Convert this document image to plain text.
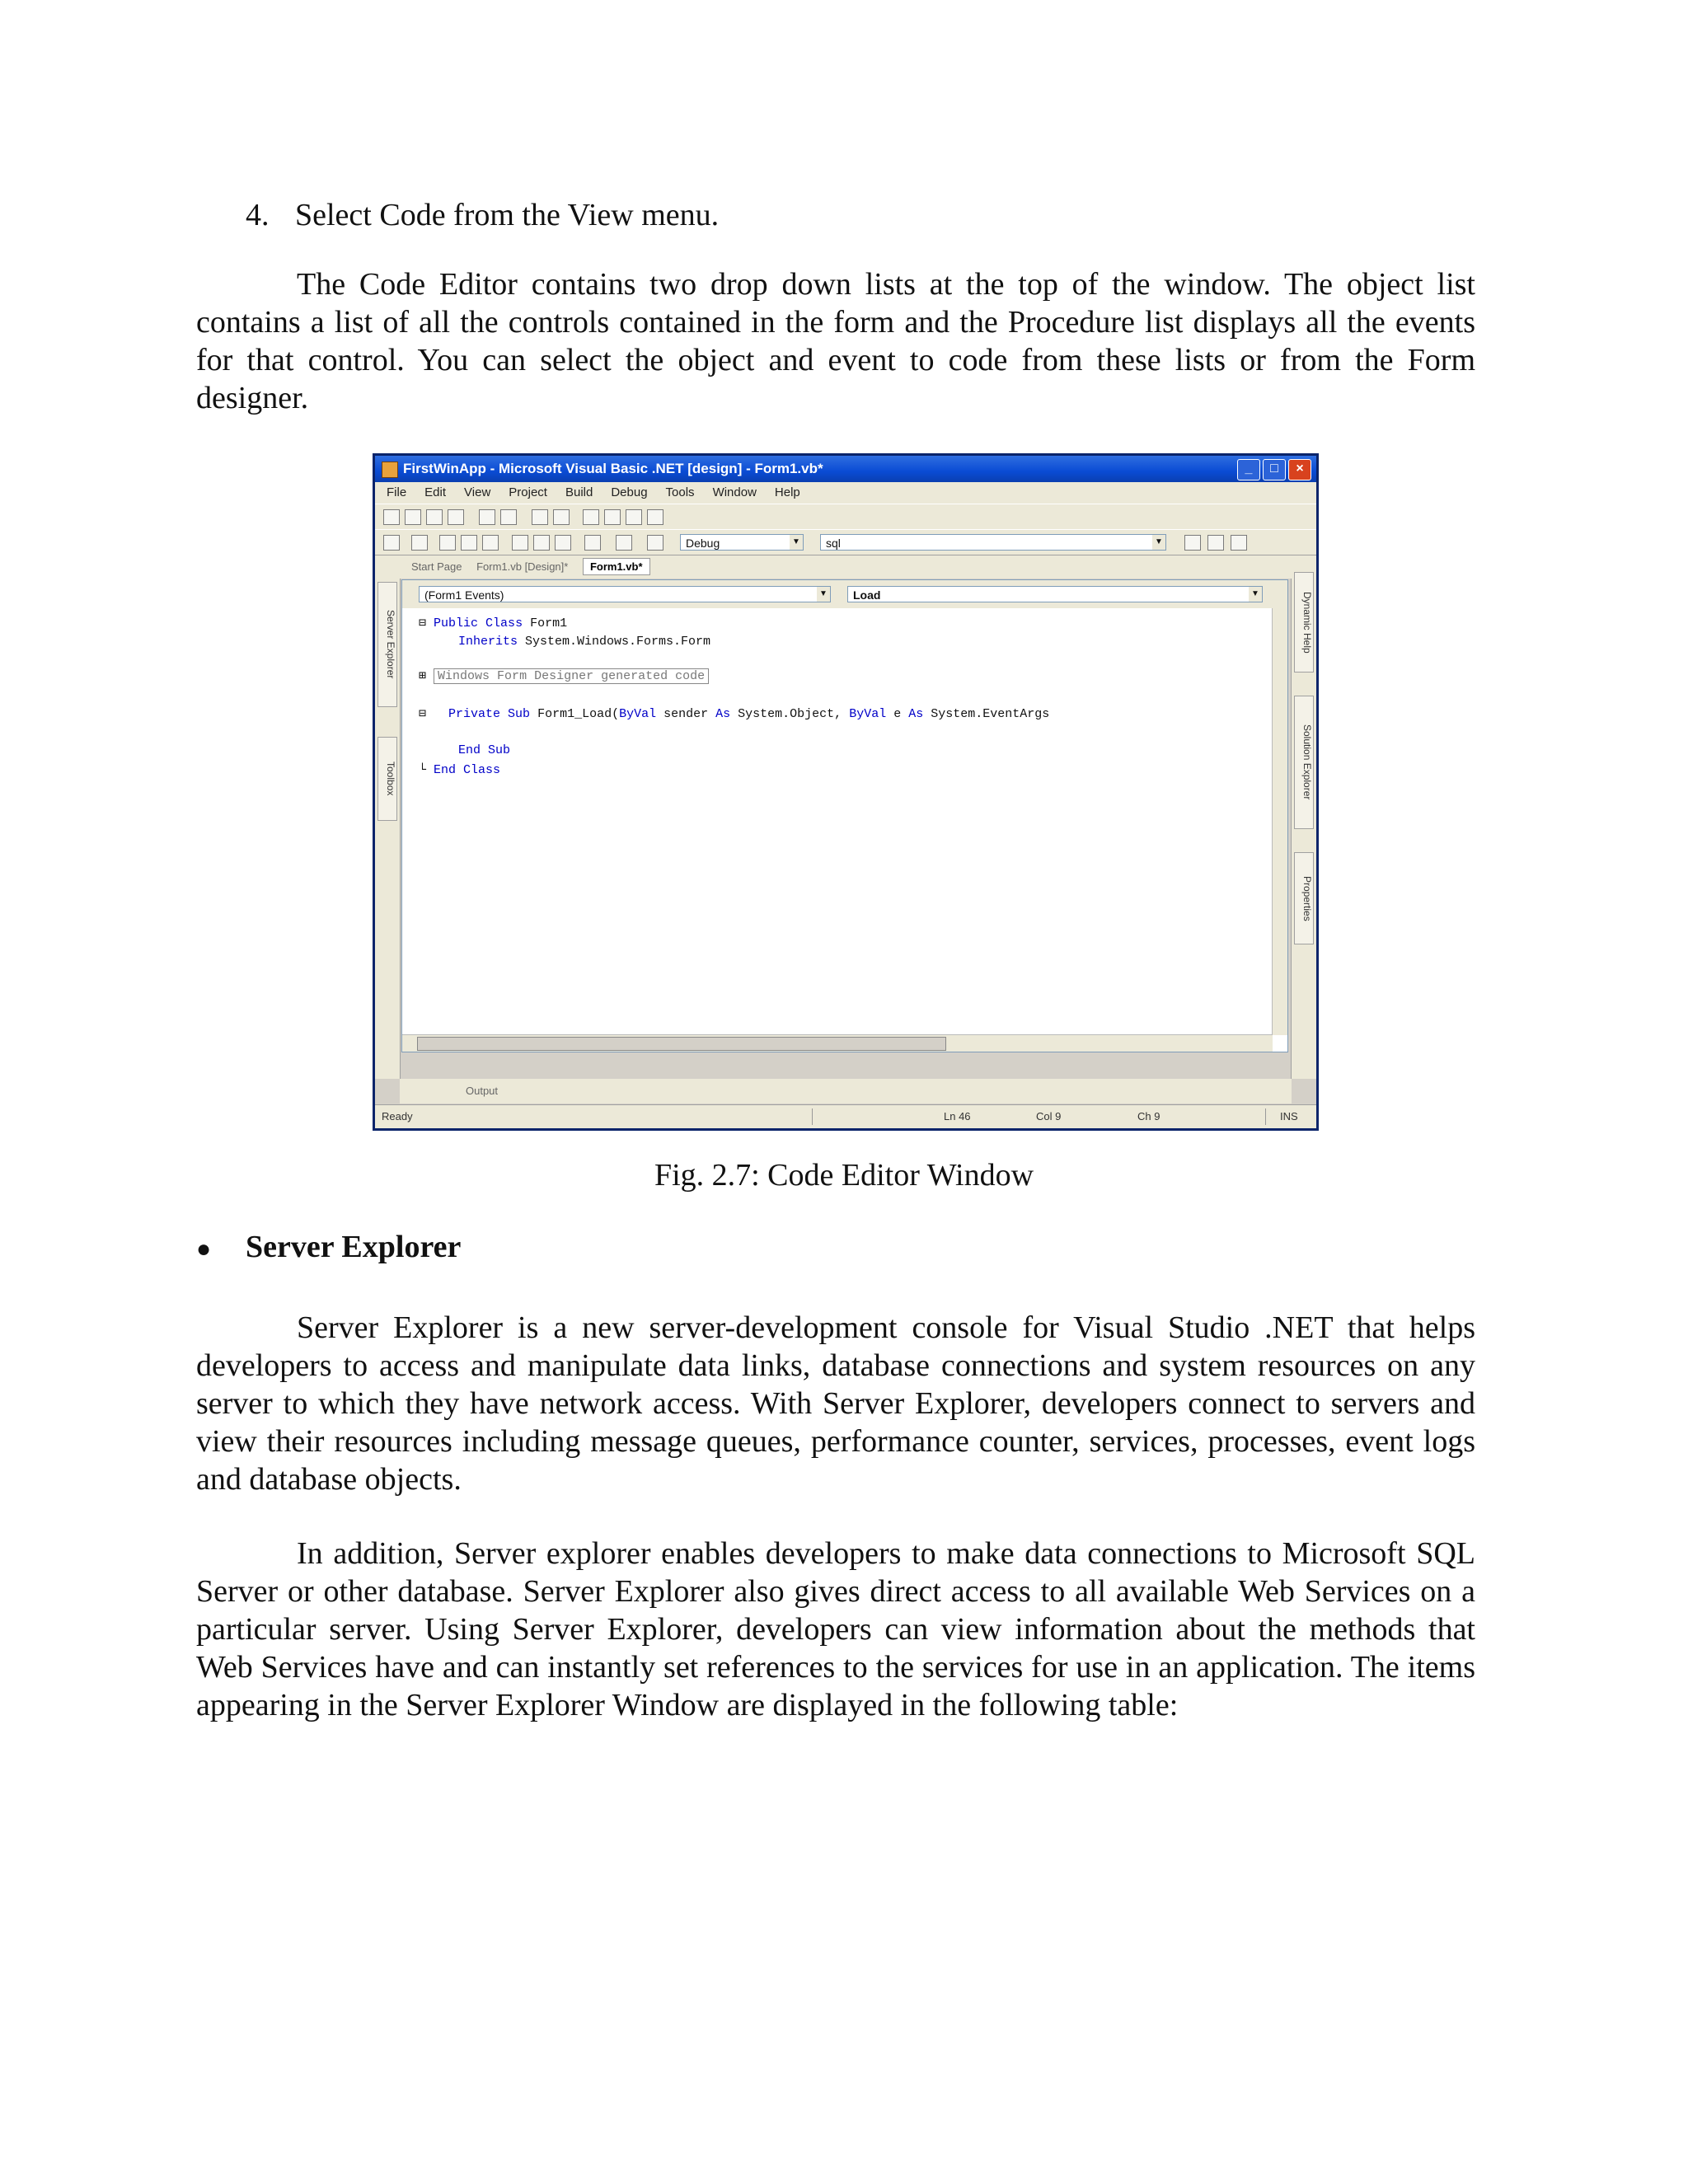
4. Select Code from the View menu.
The Code Editor contains two drop down lists at the top of the window. The object list contains a list of all the controls contained in the form and the Procedure list displays all the events for that control. You can select the object and event to code from these lists or from the Form designer.
FirstWinApp - Microsoft Visual Basic .NET [design] - Form1.vb*	_	□	×
File Edit View Project Build Debug Tools Window Help
Debug	▼	sql	▼
Server Explorer
Toolbox
Dynamic Help
Solution Explorer
Properties
Start Page Form1.vb [Design]* Form1.vb*
(Form1 Events)	▼	Load	▼
⊟ Public Class Form1
Inherits System.Windows.Forms.Form
⊞ Windows Form Designer generated code
⊟   Private Sub Form1_Load(ByVal sender As System.Object, ByVal e As System.EventArgs
End Sub
└ End Class
Output
Ready	Ln 46	Col 9	Ch 9	INS
Fig. 2.7: Code Editor Window
● Server Explorer
Server Explorer is a new server-development console for Visual Studio .NET that helps developers to access and manipulate data links, database connections and system resources on any server to which they have network access. With Server Explorer, developers connect to servers and view their resources including message queues, performance counter, services, processes, event logs and database objects.
In addition, Server explorer enables developers to make data connections to Microsoft SQL Server or other database. Server Explorer also gives direct access to all available Web Services on a particular server. Using Server Explorer, developers can view information about the methods that Web Services have and can instantly set references to the services for use in an application. The items appearing in the Server Explorer Window are displayed in the following table:
